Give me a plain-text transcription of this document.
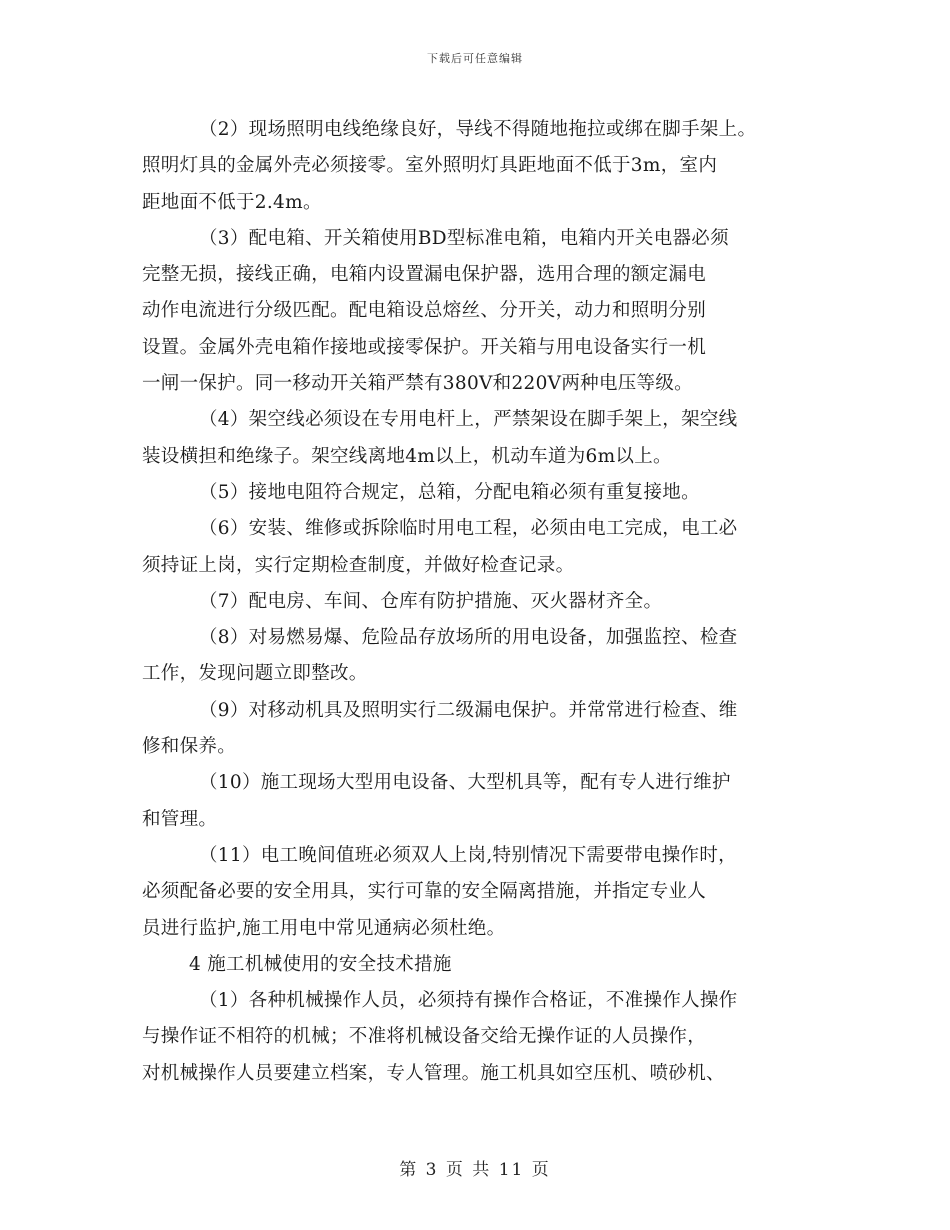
下载后可任意编辑
（2）现场照明电线绝缘良好，导线不得随地拖拉或绑在脚手架上。
照明灯具的金属外壳必须接零。室外照明灯具距地面不低于3m，室内
距地面不低于2.4m。
（3）配电箱、开关箱使用BD型标准电箱，电箱内开关电器必须
完整无损，接线正确，电箱内设置漏电保护器，选用合理的额定漏电
动作电流进行分级匹配。配电箱设总熔丝、分开关，动力和照明分别
设置。金属外壳电箱作接地或接零保护。开关箱与用电设备实行一机
一闸一保护。同一移动开关箱严禁有380V和220V两种电压等级。
（4）架空线必须设在专用电杆上，严禁架设在脚手架上，架空线
装设横担和绝缘子。架空线离地4m以上，机动车道为6m以上。
（5）接地电阻符合规定，总箱，分配电箱必须有重复接地。
（6）安装、维修或拆除临时用电工程，必须由电工完成，电工必
须持证上岗，实行定期检查制度，并做好检查记录。
（7）配电房、车间、仓库有防护措施、灭火器材齐全。
（8）对易燃易爆、危险品存放场所的用电设备，加强监控、检查
工作，发现问题立即整改。
（9）对移动机具及照明实行二级漏电保护。并常常进行检查、维
修和保养。
（10）施工现场大型用电设备、大型机具等，配有专人进行维护
和管理。
（11）电工晚间值班必须双人上岗,特别情况下需要带电操作时，
必须配备必要的安全用具，实行可靠的安全隔离措施，并指定专业人
员进行监护,施工用电中常见通病必须杜绝。
4 施工机械使用的安全技术措施
（1）各种机械操作人员，必须持有操作合格证，不准操作人操作
与操作证不相符的机械；不准将机械设备交给无操作证的人员操作，
对机械操作人员要建立档案，专人管理。施工机具如空压机、喷砂机、
第 3 页 共 11 页
